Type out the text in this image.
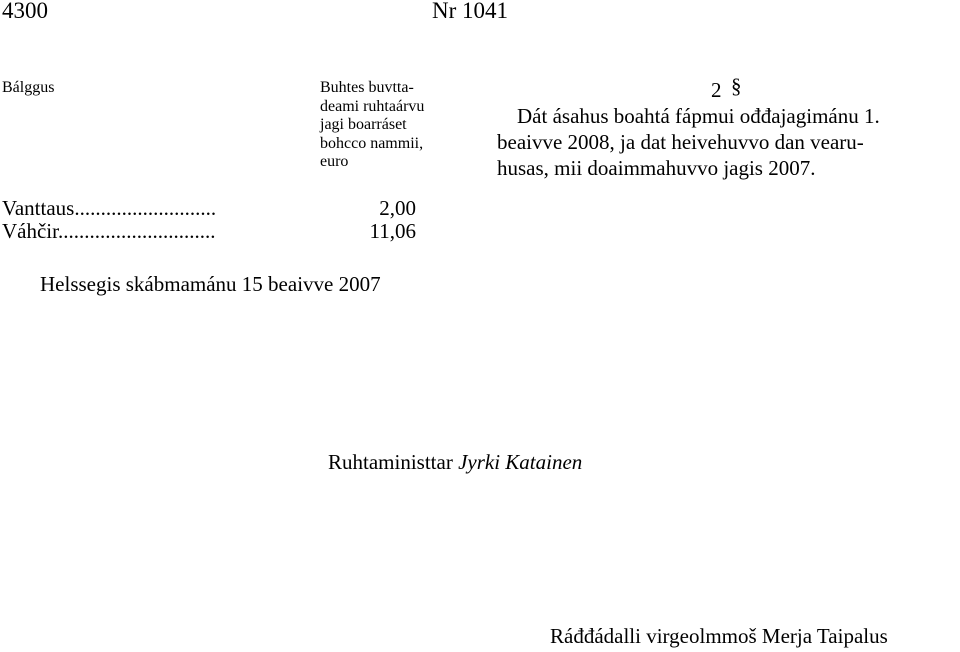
4300	Nr 1041
Bálggus	Buhtes buvtta-
deami ruhtaárvu
jagi boarráset
bohcco nammii,
euro
Vanttaus...........................	2,00
Váhčir..............................	11,06
Helssegis skábmamánu 15 beaivve 2007
2 §
Dát ásahus boahtá fápmui ođđajagimánu 1.
beaivve 2008, ja dat heivehuvvo dan vearu-
husas, mii doaimmahuvvo jagis 2007.
Ruhtaministtar Jyrki Katainen
Ráđđádalli virgeolmmoš Merja Taipalus
